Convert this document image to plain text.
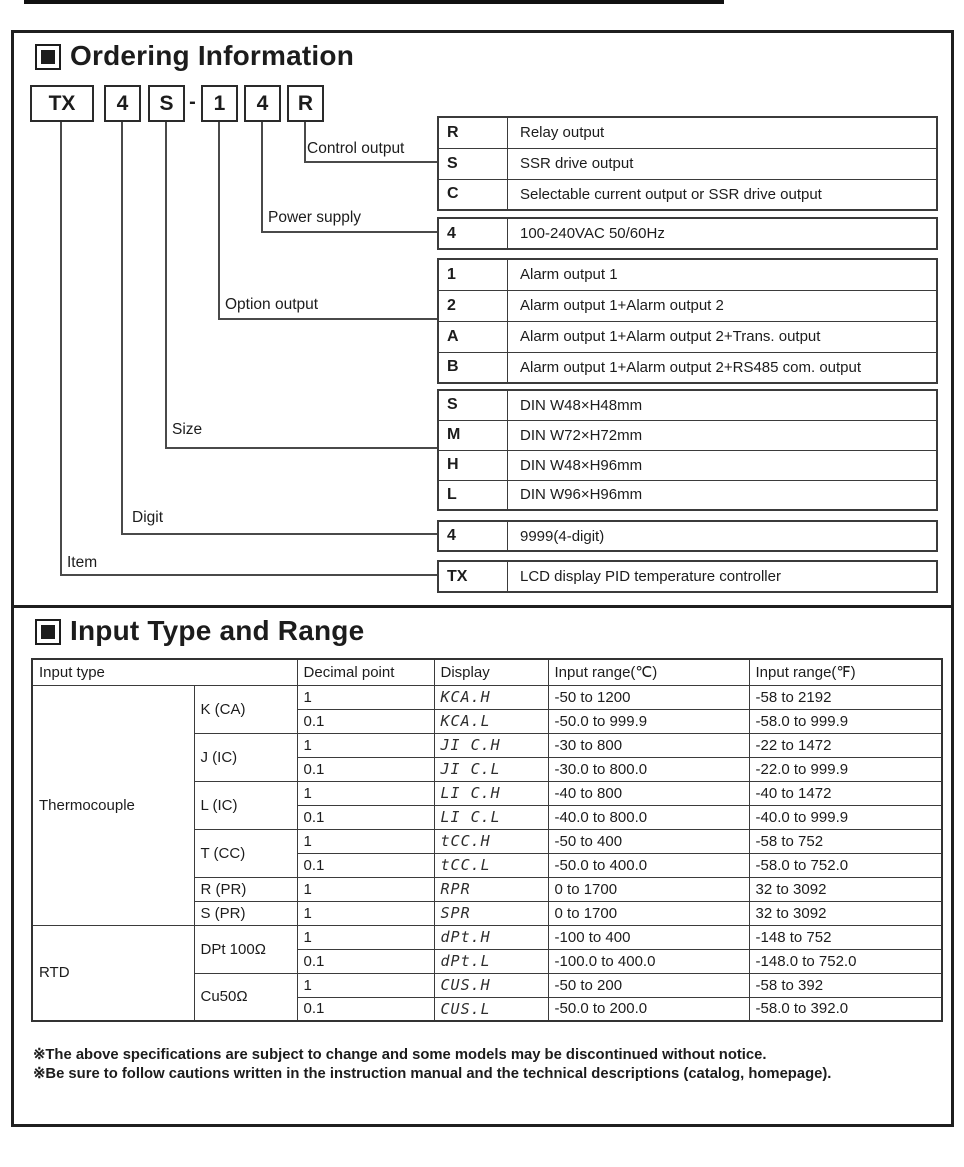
Ordering Information
TX	4	S - 1	4	R
Control output
Power supply
Option output
Size
Digit
Item
R	Relay output
S	SSR drive output
C	Selectable current output or SSR drive output
4	100-240VAC 50/60Hz
1	Alarm output 1
2	Alarm output 1+Alarm output 2
A	Alarm output 1+Alarm output 2+Trans. output
B	Alarm output 1+Alarm output 2+RS485 com. output
S	DIN W48×H48mm
M	DIN W72×H72mm
H	DIN W48×H96mm
L	DIN W96×H96mm
4	9999(4-digit)
TX	LCD display PID temperature controller
Input Type and Range
Input type		Decimal point	Display	Input range(℃)	Input range(℉)
Thermocouple	K (CA)	1	KCA.H	-50 to 1200	-58 to 2192
		0.1	KCA.L	-50.0 to 999.9	-58.0 to 999.9
	J (IC)	1	JI C.H	-30 to 800	-22 to 1472
		0.1	JI C.L	-30.0 to 800.0	-22.0 to 999.9
	L (IC)	1	LI C.H	-40 to 800	-40 to 1472
		0.1	LI C.L	-40.0 to 800.0	-40.0 to 999.9
	T (CC)	1	tCC.H	-50 to 400	-58 to 752
		0.1	tCC.L	-50.0 to 400.0	-58.0 to 752.0
	R (PR)	1	RPR	0 to 1700	32 to 3092
	S (PR)	1	SPR	0 to 1700	32 to 3092
RTD	DPt 100Ω	1	dPt.H	-100 to 400	-148 to 752
		0.1	dPt.L	-100.0 to 400.0	-148.0 to 752.0
	Cu50Ω	1	CUS.H	-50 to 200	-58 to 392
		0.1	CUS.L	-50.0 to 200.0	-58.0 to 392.0

※The above specifications are subject to change and some models may be discontinued without notice.

※Be sure to follow cautions written in the instruction manual and the technical descriptions (catalog, homepage).
